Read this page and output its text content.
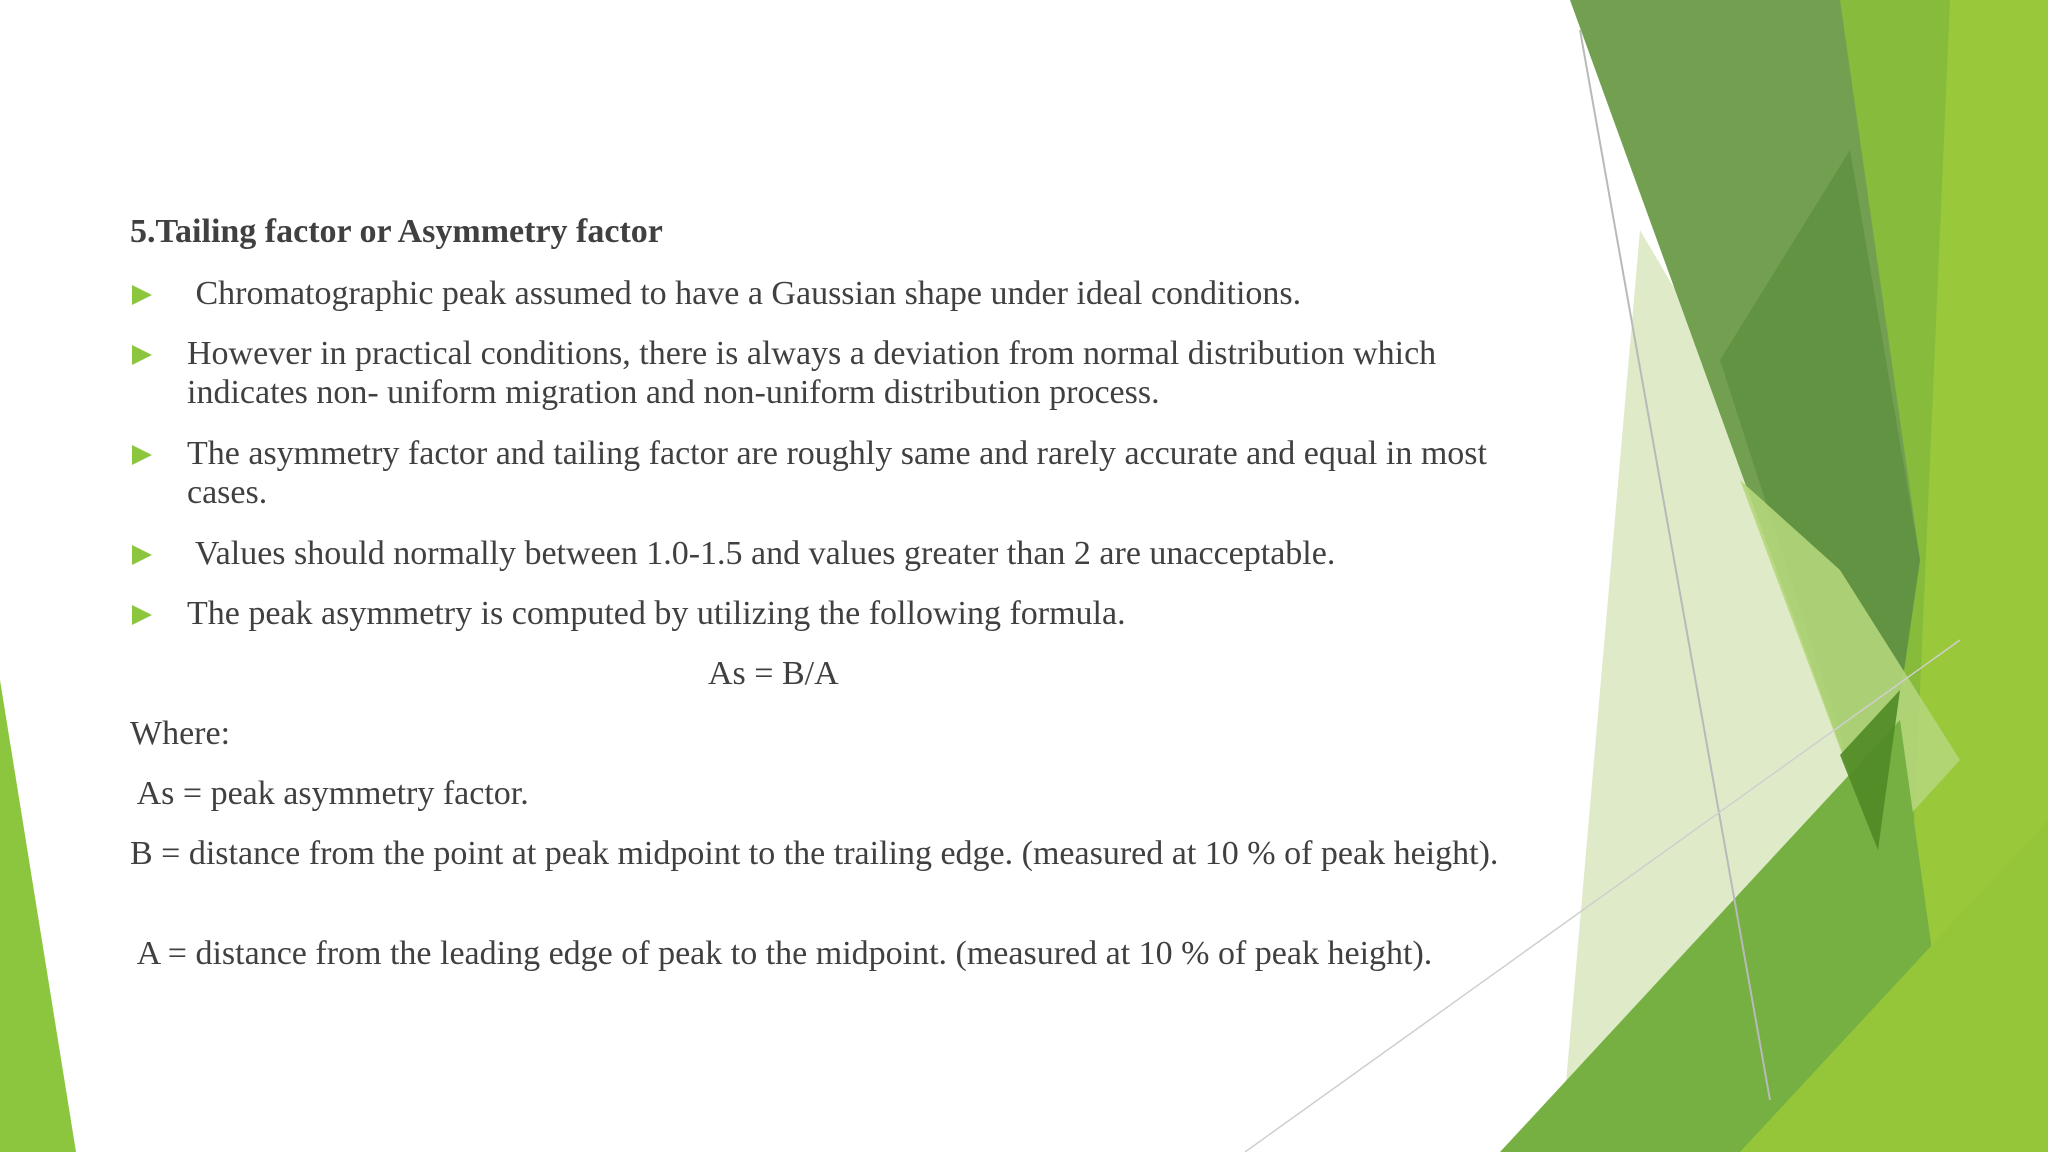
5.Tailing factor or Asymmetry factor
Chromatographic peak assumed to have a Gaussian shape under ideal conditions.
However in practical conditions, there is always a deviation from normal distribution which indicates non- uniform migration and non-uniform distribution process.
The asymmetry factor and tailing factor are roughly same and rarely accurate and equal in most cases.
Values should normally between 1.0-1.5 and values greater than 2 are unacceptable.
The peak asymmetry is computed by utilizing the following formula.
As = B/A
Where:
As = peak asymmetry factor.
B = distance from the point at peak midpoint to the trailing edge. (measured at 10 % of peak height).
A = distance from the leading edge of peak to the midpoint. (measured at 10 % of peak height).
